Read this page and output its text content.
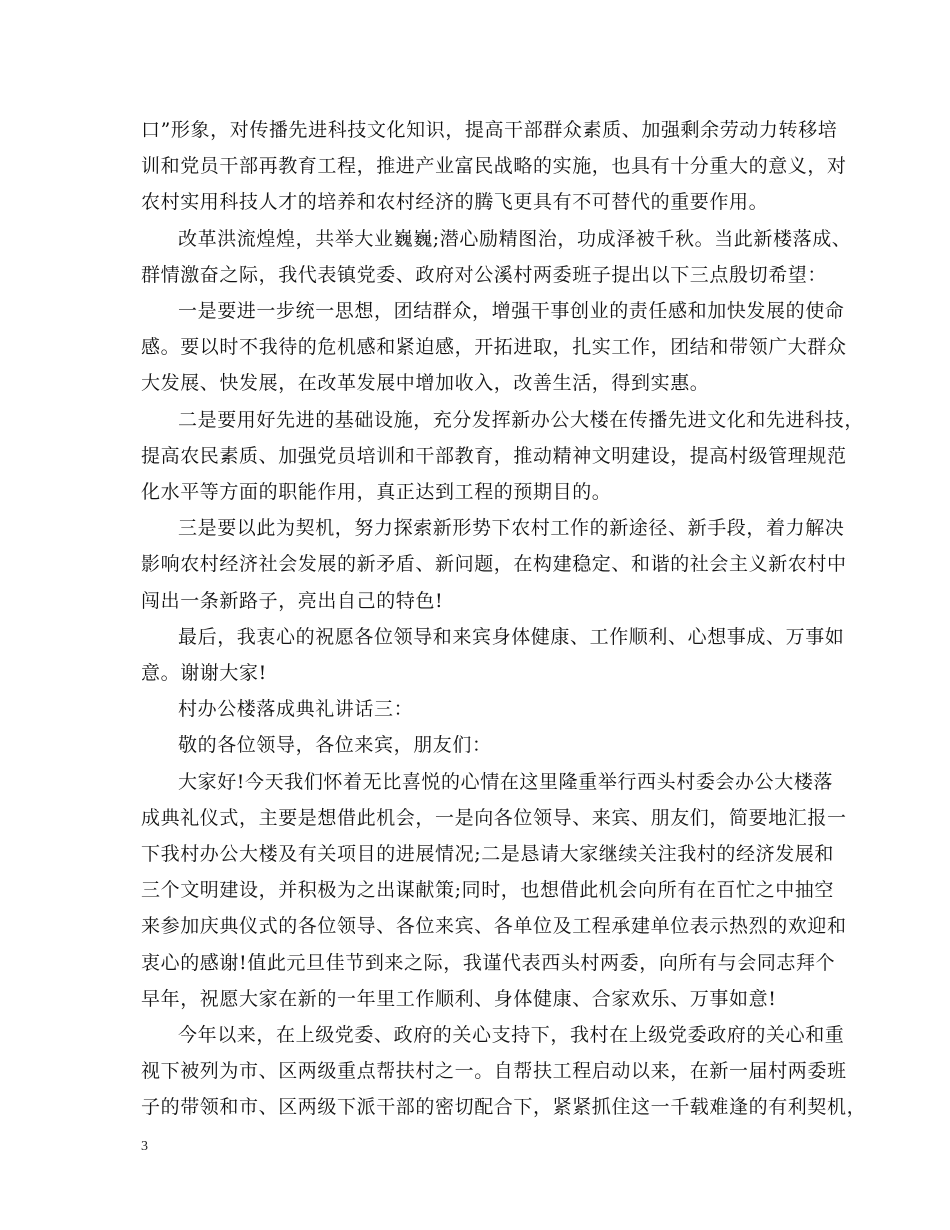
口”形象，对传播先进科技文化知识，提高干部群众素质、加强剩余劳动力转移培
训和党员干部再教育工程，推进产业富民战略的实施，也具有十分重大的意义，对
农村实用科技人才的培养和农村经济的腾飞更具有不可替代的重要作用。
改革洪流煌煌，共举大业巍巍;潜心励精图治，功成泽被千秋。当此新楼落成、
群情激奋之际，我代表镇党委、政府对公溪村两委班子提出以下三点殷切希望：
一是要进一步统一思想，团结群众，增强干事创业的责任感和加快发展的使命
感。要以时不我待的危机感和紧迫感，开拓进取，扎实工作，团结和带领广大群众
大发展、快发展，在改革发展中增加收入，改善生活，得到实惠。
二是要用好先进的基础设施，充分发挥新办公大楼在传播先进文化和先进科技，
提高农民素质、加强党员培训和干部教育，推动精神文明建设，提高村级管理规范
化水平等方面的职能作用，真正达到工程的预期目的。
三是要以此为契机，努力探索新形势下农村工作的新途径、新手段，着力解决
影响农村经济社会发展的新矛盾、新问题，在构建稳定、和谐的社会主义新农村中
闯出一条新路子，亮出自己的特色!
最后，我衷心的祝愿各位领导和来宾身体健康、工作顺利、心想事成、万事如
意。谢谢大家!
村办公楼落成典礼讲话三：
敬的各位领导，各位来宾，朋友们：
大家好!今天我们怀着无比喜悦的心情在这里隆重举行西头村委会办公大楼落
成典礼仪式，主要是想借此机会，一是向各位领导、来宾、朋友们，简要地汇报一
下我村办公大楼及有关项目的进展情况;二是恳请大家继续关注我村的经济发展和
三个文明建设，并积极为之出谋献策;同时，也想借此机会向所有在百忙之中抽空
来参加庆典仪式的各位领导、各位来宾、各单位及工程承建单位表示热烈的欢迎和
衷心的感谢!值此元旦佳节到来之际，我谨代表西头村两委，向所有与会同志拜个
早年，祝愿大家在新的一年里工作顺利、身体健康、合家欢乐、万事如意!
今年以来，在上级党委、政府的关心支持下，我村在上级党委政府的关心和重
视下被列为市、区两级重点帮扶村之一。自帮扶工程启动以来，在新一届村两委班
子的带领和市、区两级下派干部的密切配合下，紧紧抓住这一千载难逢的有利契机，
3
